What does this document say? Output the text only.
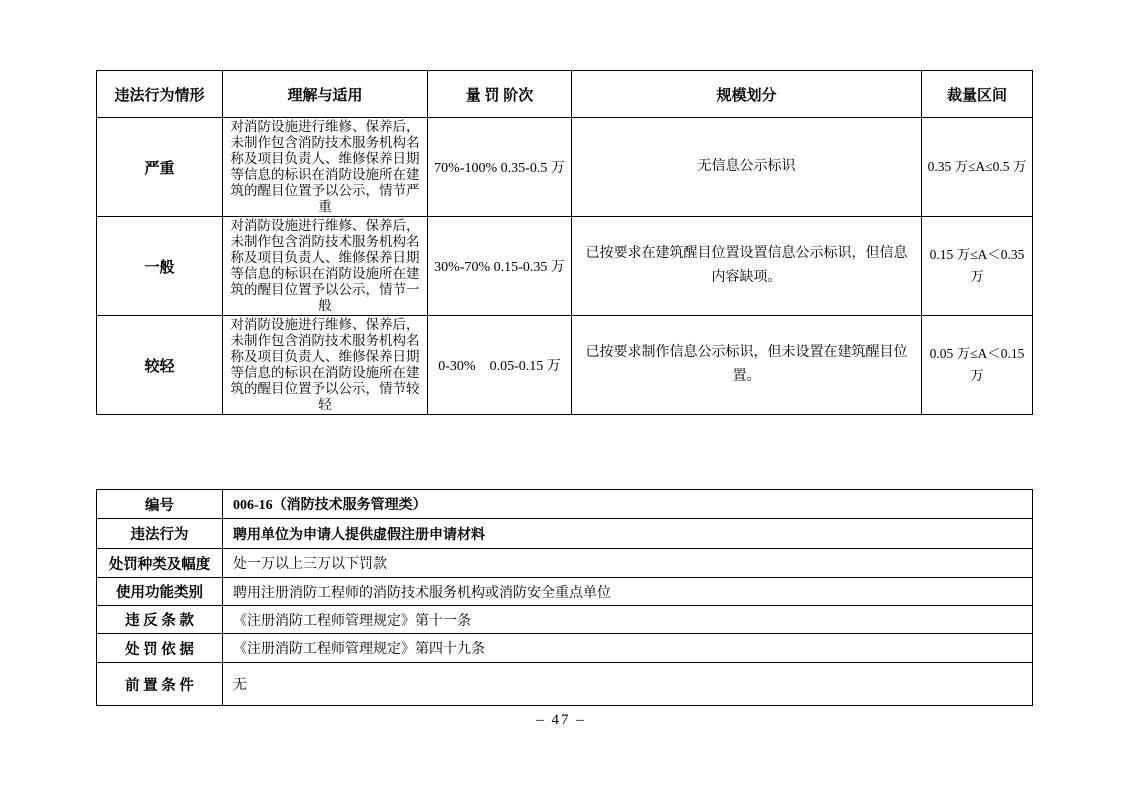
违法行为情形	理解与适用	量 罚 阶次	规模划分	裁量区间
严重	对消防设施进行维修、保养后，未制作包含消防技术服务机构名称及项目负责人、维修保养日期等信息的标识在消防设施所在建筑的醒目位置予以公示，情节严重	70%-100% 0.35-0.5 万	无信息公示标识	0.35 万≤A≤0.5 万
一般	对消防设施进行维修、保养后，未制作包含消防技术服务机构名称及项目负责人、维修保养日期等信息的标识在消防设施所在建筑的醒目位置予以公示，情节一般	30%-70% 0.15-0.35 万	已按要求在建筑醒目位置设置信息公示标识，但信息内容缺项。	0.15 万≤A＜0.35 万
较轻	对消防设施进行维修、保养后，未制作包含消防技术服务机构名称及项目负责人、维修保养日期等信息的标识在消防设施所在建筑的醒目位置予以公示，情节较轻	0-30%　0.05-0.15 万	已按要求制作信息公示标识，但未设置在建筑醒目位置。	0.05 万≤A＜0.15 万
编号	006-16（消防技术服务管理类）
违法行为	聘用单位为申请人提供虚假注册申请材料
处罚种类及幅度	处一万以上三万以下罚款
使用功能类别	聘用注册消防工程师的消防技术服务机构或消防安全重点单位
违 反 条 款	《注册消防工程师管理规定》第十一条
处 罚 依 据	《注册消防工程师管理规定》第四十九条
前 置 条 件	无
– 47 –
